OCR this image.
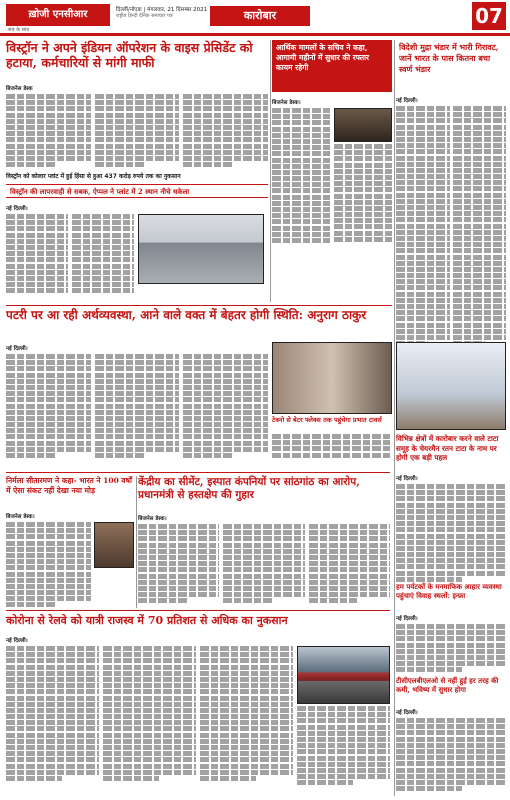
ख़ोजी एनसीआर
सच के साथ
दिल्ली/नोएडा | मंगलवार, 21 दिसम्बर 2021
राष्ट्रीय हिन्दी दैनिक समाचार पत्र	कारोबार	07
विस्ट्रॉन ने अपने इंडियन ऑपरेशन के वाइस प्रेसिडेंट को हटाया, कर्मचारियों से मांगी माफी
बिजनेस डेस्क
विस्ट्रॉन को कोलार प्लांट में हुई हिंसा से हुआ 437 करोड़ रुपये तक का नुकसान
विस्ट्रॉन की लापरवाही से सबक, ऐप्पल ने प्लांट में 2 स्थान नीचे धकेला
नई दिल्ली।
आर्थिक मामलों के सचिव ने कहा, आगामी महीनों में सुधार की रफ्तार कायम रहेगी
बिजनेस डेस्क।
विदेशी मुद्रा भंडार में भारी गिरावट, जानें भारत के पास कितना बचा स्वर्ण भंडार
नई दिल्ली।
पटरी पर आ रही अर्थव्यवस्था, आने वाले वक्त में बेहतर होगी स्थिति: अनुराग ठाकुर
नई दिल्ली।
टेक्नो से बेटर फ्लेक्स तक पहुंचेगा प्रभात टावर्स
विभिन्न क्षेत्रों में कारोबार करने वाले टाटा समूह के चेयरमैन रतन टाटा के नाम पर होगी एक बड़ी पहल
नई दिल्ली।
निर्मला सीतारमण ने कहा- भारत ने 100 वर्षों में ऐसा संकट नहीं देखा नया मोड़
बिजनेस डेस्क।
केंद्रीय का सीमेंट, इस्पात कंपनियों पर सांठगांठ का आरोप, प्रधानमंत्री से हस्तक्षेप की गुहार
बिजनेस डेस्क।
हम पर्यटकों के मनमाफिक आहार व्यवस्था पहुंचाएं विवाह स्थलों: इन्फ्रा
नई दिल्ली।
टीसीएलबीएलओ से नहीं हुई हर तरह की कमी, भविष्य में सुधार होगा
नई दिल्ली।
कोरोना से रेलवे को यात्री राजस्व में 70 प्रतिशत से अधिक का नुकसान
नई दिल्ली।
